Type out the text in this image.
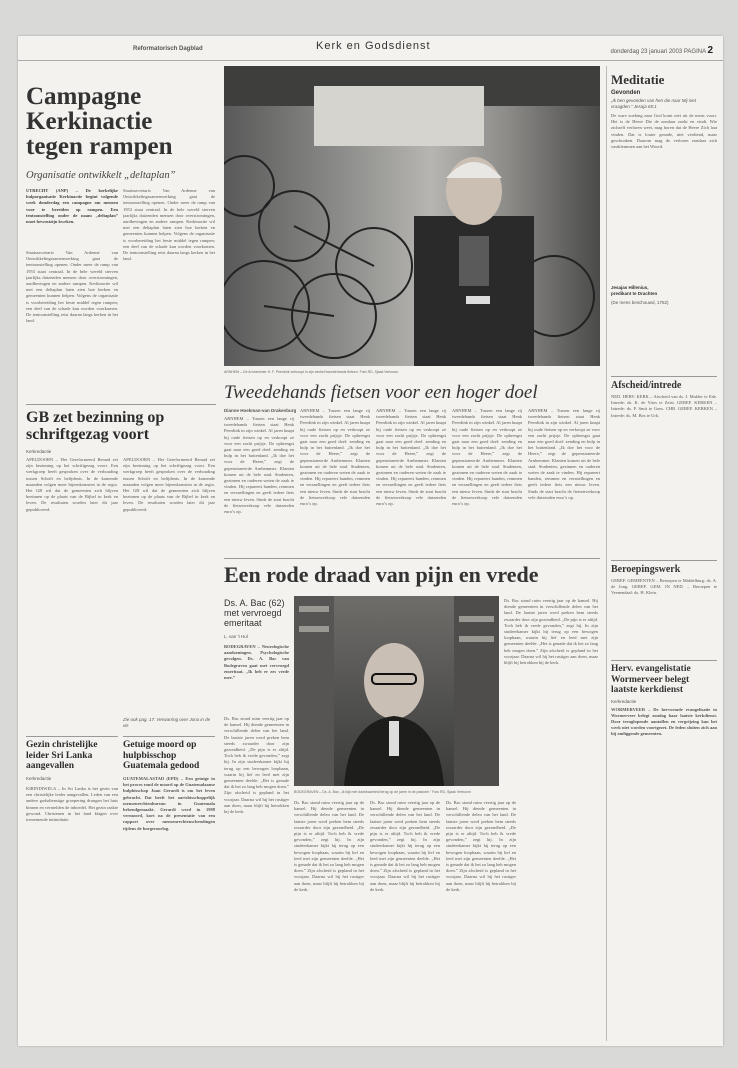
Reformatorisch Dagblad	Kerk en Godsdienst	donderdag 23 januari 2003 PAGINA 2
Campagne
Kerkinactie
tegen rampen
Organisatie ontwikkelt „deltaplan”
UTRECHT (ANP) – De kerkelijke hulporganisatie Kerkinactie begint volgende week donderdag een campagne om mensen voor te bereiden op rampen. Een tentoonstelling onder de naam „deltaplan” moet bewustzijn kweken.
Staatssecretaris Van Ardenne van Ontwikkelingssamenwerking gaat de tentoonstelling openen. Onder meer de ramp van 1953 staat centraal. In de hele wereld sterven jaarlijks duizenden mensen door overstromingen, aardbevingen en andere rampen. Kerkinactie wil met een deltaplan laten zien hoe kerken en gemeenten kunnen helpen. Volgens de organisatie is voorbereiding het beste middel tegen rampen; een deel van de schade kan worden voorkomen. De tentoonstelling reist daarna langs kerken in het land.
Staatssecretaris Van Ardenne van Ontwikkelingssamenwerking gaat de tentoonstelling openen. Onder meer de ramp van 1953 staat centraal. In de hele wereld sterven jaarlijks duizenden mensen door overstromingen, aardbevingen en andere rampen. Kerkinactie wil met een deltaplan laten zien hoe kerken en gemeenten kunnen helpen. Volgens de organisatie is voorbereiding het beste middel tegen rampen; een deel van de schade kan worden voorkomen. De tentoonstelling reist daarna langs kerken in het land.
ARNHEM – De Arnhemmer H. F. Peerdink verkoopt in zijn winkel tweedehands fietsen. Foto RD, Sjaak Verboom
Tweedehands fietsen voor een hoger doel
Dianne Hoekman-van Drakenburg
ARNHEM – Tussen een lange rij tweedehands fietsen staat Henk Peerdink in zijn winkel. Al jaren knapt hij oude fietsen op en verkoopt ze voor een zacht prijsje. De opbrengst gaat naar een goed doel: zending en hulp in het buitenland. „Ik doe het voor de Heere,” zegt de gepensioneerde Arnhemmer. Klanten komen uit de hele stad. Studenten, gezinnen en ouderen weten de zaak te vinden. Hij repareert banden, remmen en versnellingen en geeft iedere fiets een nieuw leven. Sinds de start bracht de fietsenverkoop vele duizenden euro’s op.
ARNHEM – Tussen een lange rij tweedehands fietsen staat Henk Peerdink in zijn winkel. Al jaren knapt hij oude fietsen op en verkoopt ze voor een zacht prijsje. De opbrengst gaat naar een goed doel: zending en hulp in het buitenland. „Ik doe het voor de Heere,” zegt de gepensioneerde Arnhemmer. Klanten komen uit de hele stad. Studenten, gezinnen en ouderen weten de zaak te vinden. Hij repareert banden, remmen en versnellingen en geeft iedere fiets een nieuw leven. Sinds de start bracht de fietsenverkoop vele duizenden euro’s op.
ARNHEM – Tussen een lange rij tweedehands fietsen staat Henk Peerdink in zijn winkel. Al jaren knapt hij oude fietsen op en verkoopt ze voor een zacht prijsje. De opbrengst gaat naar een goed doel: zending en hulp in het buitenland. „Ik doe het voor de Heere,” zegt de gepensioneerde Arnhemmer. Klanten komen uit de hele stad. Studenten, gezinnen en ouderen weten de zaak te vinden. Hij repareert banden, remmen en versnellingen en geeft iedere fiets een nieuw leven. Sinds de start bracht de fietsenverkoop vele duizenden euro’s op.
ARNHEM – Tussen een lange rij tweedehands fietsen staat Henk Peerdink in zijn winkel. Al jaren knapt hij oude fietsen op en verkoopt ze voor een zacht prijsje. De opbrengst gaat naar een goed doel: zending en hulp in het buitenland. „Ik doe het voor de Heere,” zegt de gepensioneerde Arnhemmer. Klanten komen uit de hele stad. Studenten, gezinnen en ouderen weten de zaak te vinden. Hij repareert banden, remmen en versnellingen en geeft iedere fiets een nieuw leven. Sinds de start bracht de fietsenverkoop vele duizenden euro’s op.
ARNHEM – Tussen een lange rij tweedehands fietsen staat Henk Peerdink in zijn winkel. Al jaren knapt hij oude fietsen op en verkoopt ze voor een zacht prijsje. De opbrengst gaat naar een goed doel: zending en hulp in het buitenland. „Ik doe het voor de Heere,” zegt de gepensioneerde Arnhemmer. Klanten komen uit de hele stad. Studenten, gezinnen en ouderen weten de zaak te vinden. Hij repareert banden, remmen en versnellingen en geeft iedere fiets een nieuw leven. Sinds de start bracht de fietsenverkoop vele duizenden euro’s op.
GB zet bezinning op
schriftgezag voort
Kerkredactie
APELDOORN – Het Gereformeerd Beraad zet zijn bezinning op het schriftgezag voort. Een werkgroep heeft gesproken over de verhouding tussen Schrift en belijdenis. In de komende maanden volgen meer bijeenkomsten in de regio. Het GB wil dat de gemeenten zich blijven bezinnen op de plaats van de Bijbel in kerk en leven. De resultaten worden later dit jaar gepubliceerd.
APELDOORN – Het Gereformeerd Beraad zet zijn bezinning op het schriftgezag voort. Een werkgroep heeft gesproken over de verhouding tussen Schrift en belijdenis. In de komende maanden volgen meer bijeenkomsten in de regio. Het GB wil dat de gemeenten zich blijven bezinnen op de plaats van de Bijbel in kerk en leven. De resultaten worden later dit jaar gepubliceerd.
Zie ook pag. 17: Verwarring over Jona in de vis
Gezin christelijke leider Sri Lanka aangevallen
Kerkredactie
KIRINDIWELA – In Sri Lanka is het gezin van een christelijke leider aangevallen. Leden van een andere godsdienstige groepering drongen het huis binnen en vernielden de inboedel. Het gezin raakte gewond. Christenen in het land klagen over toenemende intimidatie.
Getuige moord op hulpbisschop Guatemala gedood
GUATEMALASTAD (EPD) – Een getuige in het proces rond de moord op de Guatemalaanse hulpbisschop Juan Gerardi is om het leven gebracht. Dat heeft het aartsbisschoppelijk mensenrechtenbureau in Guatemala bekendgemaakt. Gerardi werd in 1998 vermoord, kort na de presentatie van een rapport over mensenrechtenschendingen tijdens de burgeroorlog.
Een rode draad van pijn en vrede
Ds. A. Bac (62)
met vervroegd
emeritaat
L. van ’t Hul
BODEGRAVEN – Neurologische aandoeningen. Psychologische gevolgen. Ds. A. Bac van Bodegraven gaat met vervroegd emeritaat. „Ik heb er zes vrede mee.”
BODEGRAVEN – Ds. A. Bac: „Ik kijk met dankbaarheid terug op de jaren in de pastorie.” Foto RD, Sjaak Verboom
Ds. Bac stond ruim veertig jaar op de kansel. Hij diende gemeenten in verschillende delen van het land. De laatste jaren werd preken hem steeds zwaarder door zijn gezondheid. „De pijn is er altijd. Toch heb ik vrede gevonden,” zegt hij. In zijn studeerkamer kijkt hij terug op een bewogen loopbaan, waarin hij lief en leed met zijn gemeenten deelde. „Het is genade dat ik het zo lang heb mogen doen.” Zijn afscheid is gepland in het voorjaar. Daarna wil hij het rustiger aan doen, maar blijft hij betrokken bij de kerk.
Ds. Bac stond ruim veertig jaar op de kansel. Hij diende gemeenten in verschillende delen van het land. De laatste jaren werd preken hem steeds zwaarder door zijn gezondheid. „De pijn is er altijd. Toch heb ik vrede gevonden,” zegt hij. In zijn studeerkamer kijkt hij terug op een bewogen loopbaan, waarin hij lief en leed met zijn gemeenten deelde. „Het is genade dat ik het zo lang heb mogen doen.” Zijn afscheid is gepland in het voorjaar. Daarna wil hij het rustiger aan doen, maar blijft hij betrokken bij de kerk.
Ds. Bac stond ruim veertig jaar op de kansel. Hij diende gemeenten in verschillende delen van het land. De laatste jaren werd preken hem steeds zwaarder door zijn gezondheid. „De pijn is er altijd. Toch heb ik vrede gevonden,” zegt hij. In zijn studeerkamer kijkt hij terug op een bewogen loopbaan, waarin hij lief en leed met zijn gemeenten deelde. „Het is genade dat ik het zo lang heb mogen doen.” Zijn afscheid is gepland in het voorjaar. Daarna wil hij het rustiger aan doen, maar blijft hij betrokken bij de kerk.
Ds. Bac stond ruim veertig jaar op de kansel. Hij diende gemeenten in verschillende delen van het land. De laatste jaren werd preken hem steeds zwaarder door zijn gezondheid. „De pijn is er altijd. Toch heb ik vrede gevonden,” zegt hij. In zijn studeerkamer kijkt hij terug op een bewogen loopbaan, waarin hij lief en leed met zijn gemeenten deelde. „Het is genade dat ik het zo lang heb mogen doen.” Zijn afscheid is gepland in het voorjaar. Daarna wil hij het rustiger aan doen, maar blijft hij betrokken bij de kerk.
Ds. Bac stond ruim veertig jaar op de kansel. Hij diende gemeenten in verschillende delen van het land. De laatste jaren werd preken hem steeds zwaarder door zijn gezondheid. „De pijn is er altijd. Toch heb ik vrede gevonden,” zegt hij. In zijn studeerkamer kijkt hij terug op een bewogen loopbaan, waarin hij lief en leed met zijn gemeenten deelde. „Het is genade dat ik het zo lang heb mogen doen.” Zijn afscheid is gepland in het voorjaar. Daarna wil hij het rustiger aan doen, maar blijft hij betrokken bij de kerk.
Meditatie
Gevonden
„Ik ben gevonden van hen die naar Mij niet vraagden.” Jesaja 65:1
De ware zoeking naar God komt niet uit de mens voort. Het is de Heere Die de zondaar zoekt en vindt. Wie zichzelf verloren weet, mag horen dat de Heere Zich laat vinden. Dat is louter genade, niet verdiend, maar geschonken. Daarom mag de verloren zondaar zich vastklemmen aan het Woord.
Jesajas Hillenius,
predikant te Drachten
(De mens beschouwd, 1752)
Afscheid/intrede
NED. HERV. KERK – Afscheid van ds. J. Mulder te Ede. Intrede: ds. K. de Vries te Zeist. GEREF. KERKEN – Intrede: ds. P. Smit te Goes. CHR. GEREF. KERKEN – Intrede: ds. M. Bos te Urk.
Beroepingswerk
GEREF. GEMEENTEN – Beroepen te Middelburg: ds. A. de Jong. GEREF. GEM. IN NED. – Beroepen te Veenendaal: ds. H. Klein.
Herv. evangelistatie Wormerveer belegt laatste kerkdienst
Kerkredactie
WORMERVEER – De hervormde evangelisatie in Wormerveer belegt zondag haar laatste kerkdienst. Door teruglopende aantallen en vergrijzing kan het werk niet worden voortgezet. De leden sluiten zich aan bij omliggende gemeenten.
